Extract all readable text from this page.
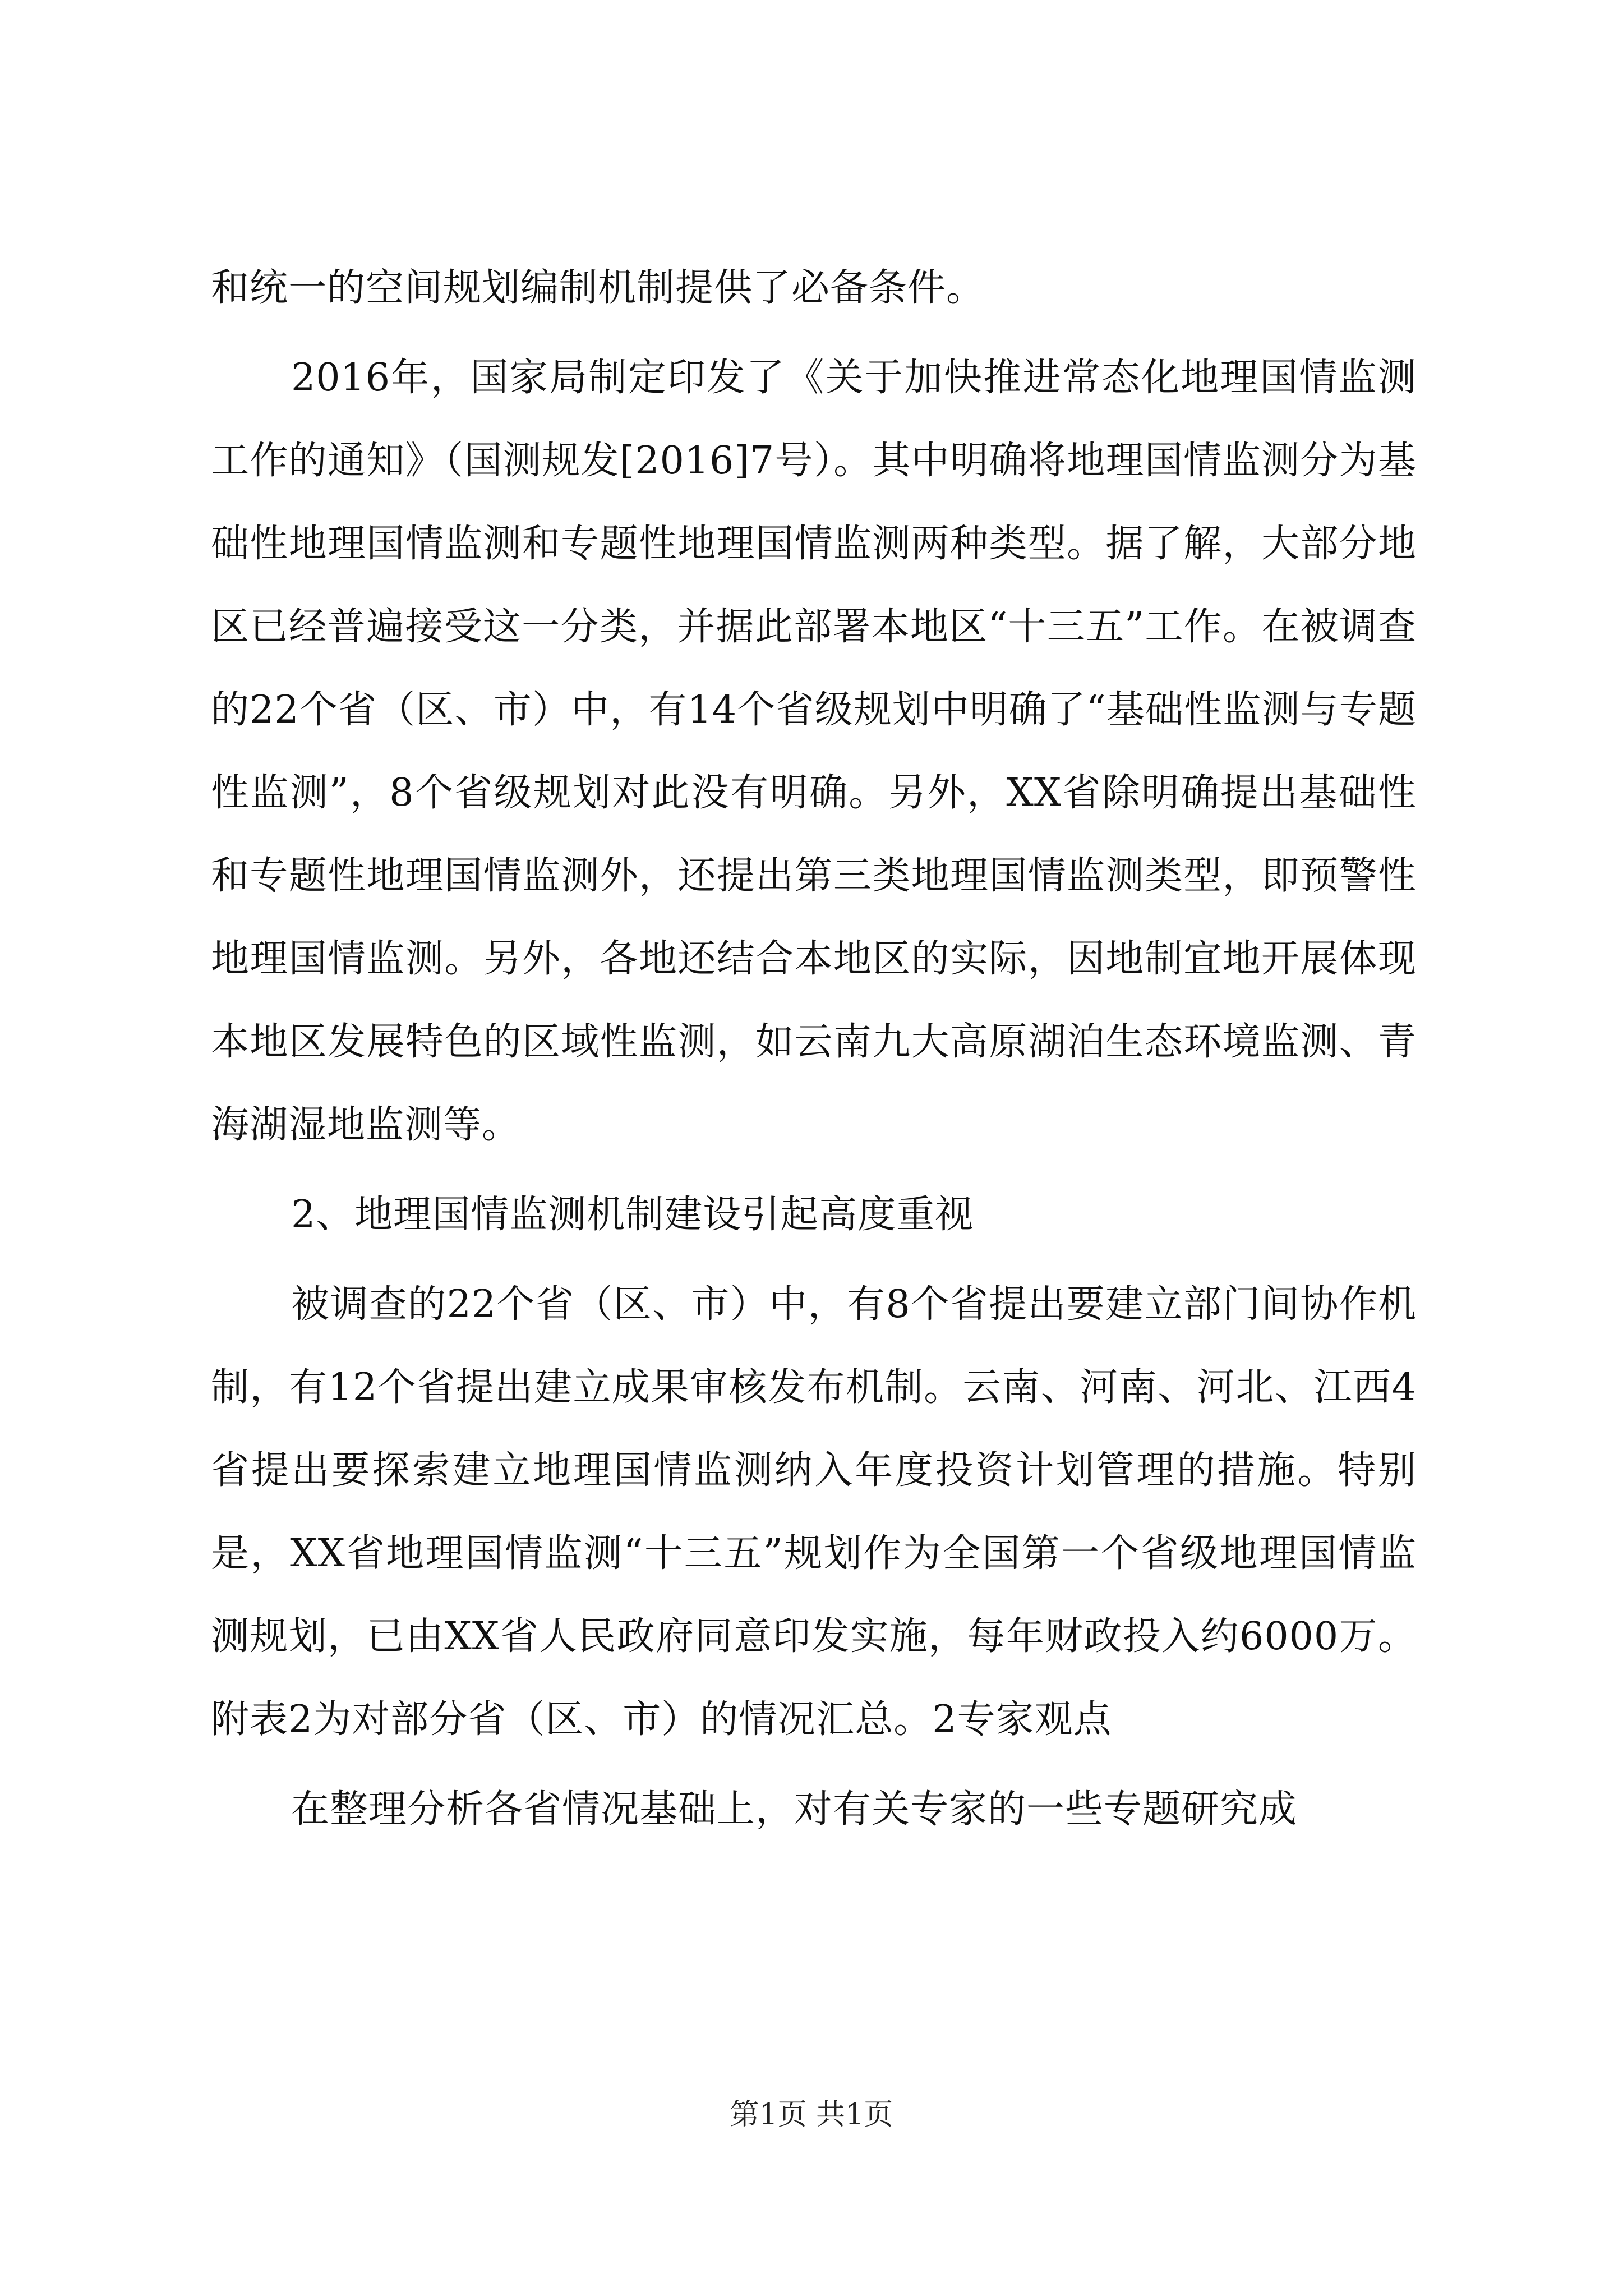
和统一的空间规划编制机制提供了必备条件。

2016年，国家局制定印发了《关于加快推进常态化地理国情监测工作的通知》（国测规发[2016]7号）。其中明确将地理国情监测分为基础性地理国情监测和专题性地理国情监测两种类型。据了解，大部分地区已经普遍接受这一分类，并据此部署本地区“十三五”工作。在被调查的22个省（区、市）中，有14个省级规划中明确了“基础性监测与专题性监测”，8个省级规划对此没有明确。另外，XX省除明确提出基础性和专题性地理国情监测外，还提出第三类地理国情监测类型，即预警性地理国情监测。另外，各地还结合本地区的实际，因地制宜地开展体现本地区发展特色的区域性监测，如云南九大高原湖泊生态环境监测、青海湖湿地监测等。

2、地理国情监测机制建设引起高度重视

被调查的22个省（区、市）中，有8个省提出要建立部门间协作机制，有12个省提出建立成果审核发布机制。云南、河南、河北、江西4省提出要探索建立地理国情监测纳入年度投资计划管理的措施。特别是，XX省地理国情监测“十三五”规划作为全国第一个省级地理国情监测规划，已由XX省人民政府同意印发实施，每年财政投入约6000万。附表2为对部分省（区、市）的情况汇总。2专家观点

在整理分析各省情况基础上，对有关专家的一些专题研究成

第1页 共1页
